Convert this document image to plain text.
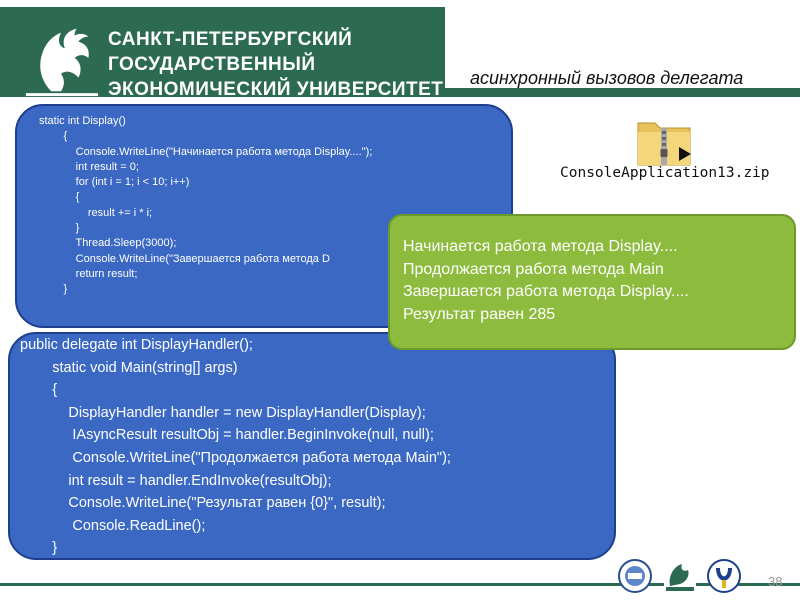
САНКТ-ПЕТЕРБУРГСКИЙ
ГОСУДАРСТВЕННЫЙ
ЭКОНОМИЧЕСКИЙ УНИВЕРСИТЕТ
асинхронный вызовов делегата
static int Display()
{
Console.WriteLine("Начинается работа метода Display....");
int result = 0;
for (int i = 1; i < 10; i++)
{
result += i * i;
}
Thread.Sleep(3000);
Console.WriteLine("Завершается работа метода D
return result;
}
ConsoleApplication13.zip
public delegate int DisplayHandler();
static void Main(string[] args)
{
DisplayHandler handler = new DisplayHandler(Display);
IAsyncResult resultObj = handler.BeginInvoke(null, null);
Console.WriteLine("Продолжается работа метода Main");
int result = handler.EndInvoke(resultObj);
Console.WriteLine("Результат равен {0}", result);
Console.ReadLine();
}
Начинается работа метода Display....
Продолжается работа метода Main
Завершается работа метода Display....
Результат равен 285
38
